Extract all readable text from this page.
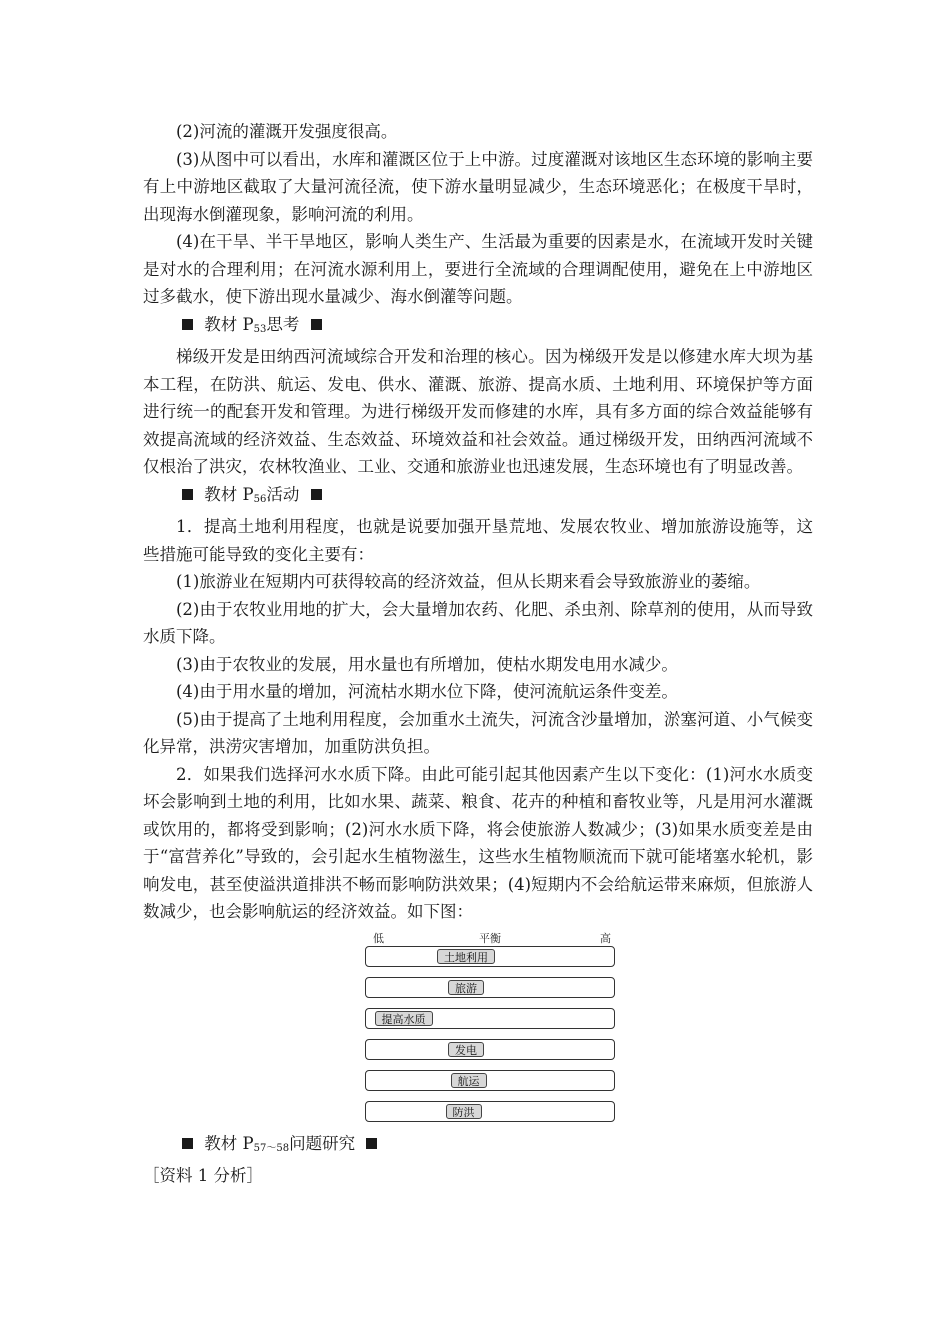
(2)河流的灌溉开发强度很高。

(3)从图中可以看出，水库和灌溉区位于上中游。过度灌溉对该地区生态环境的影响主要有上中游地区截取了大量河流径流，使下游水量明显减少，生态环境恶化；在极度干旱时，出现海水倒灌现象，影响河流的利用。

(4)在干旱、半干旱地区，影响人类生产、生活最为重要的因素是水，在流域开发时关键是对水的合理利用；在河流水源利用上，要进行全流域的合理调配使用，避免在上中游地区过多截水，使下游出现水量减少、海水倒灌等问题。

教材 $P_{53}$思考

梯级开发是田纳西河流域综合开发和治理的核心。因为梯级开发是以修建水库大坝为基本工程，在防洪、航运、发电、供水、灌溉、旅游、提高水质、土地利用、环境保护等方面进行统一的配套开发和管理。为进行梯级开发而修建的水库，具有多方面的综合效益能够有效提高流域的经济效益、生态效益、环境效益和社会效益。通过梯级开发，田纳西河流域不仅根治了洪灾，农林牧渔业、工业、交通和旅游业也迅速发展，生态环境也有了明显改善。

教材 $P_{56}$活动

1．提高土地利用程度，也就是说要加强开垦荒地、发展农牧业、增加旅游设施等，这些措施可能导致的变化主要有：

(1)旅游业在短期内可获得较高的经济效益，但从长期来看会导致旅游业的萎缩。

(2)由于农牧业用地的扩大，会大量增加农药、化肥、杀虫剂、除草剂的使用，从而导致水质下降。

(3)由于农牧业的发展，用水量也有所增加，使枯水期发电用水减少。

(4)由于用水量的增加，河流枯水期水位下降，使河流航运条件变差。

(5)由于提高了土地利用程度，会加重水土流失，河流含沙量增加，淤塞河道、小气候变化异常，洪涝灾害增加，加重防洪负担。

2．如果我们选择河水水质下降。由此可能引起其他因素产生以下变化：(1)河水水质变坏会影响到土地的利用，比如水果、蔬菜、粮食、花卉的种植和畜牧业等，凡是用河水灌溉或饮用的，都将受到影响；(2)河水水质下降，将会使旅游人数减少；(3)如果水质变差是由于“富营养化”导致的，会引起水生植物滋生，这些水生植物顺流而下就可能堵塞水轮机，影响发电，甚至使溢洪道排洪不畅而影响防洪效果；(4)短期内不会给航运带来麻烦，但旅游人数减少，也会影响航运的经济效益。如下图：

低	平衡	高
土地利用
旅游
提高水质
发电
航运
防洪
教材 $P_{57\sim 58}$问题研究

［资料 1 分析］
